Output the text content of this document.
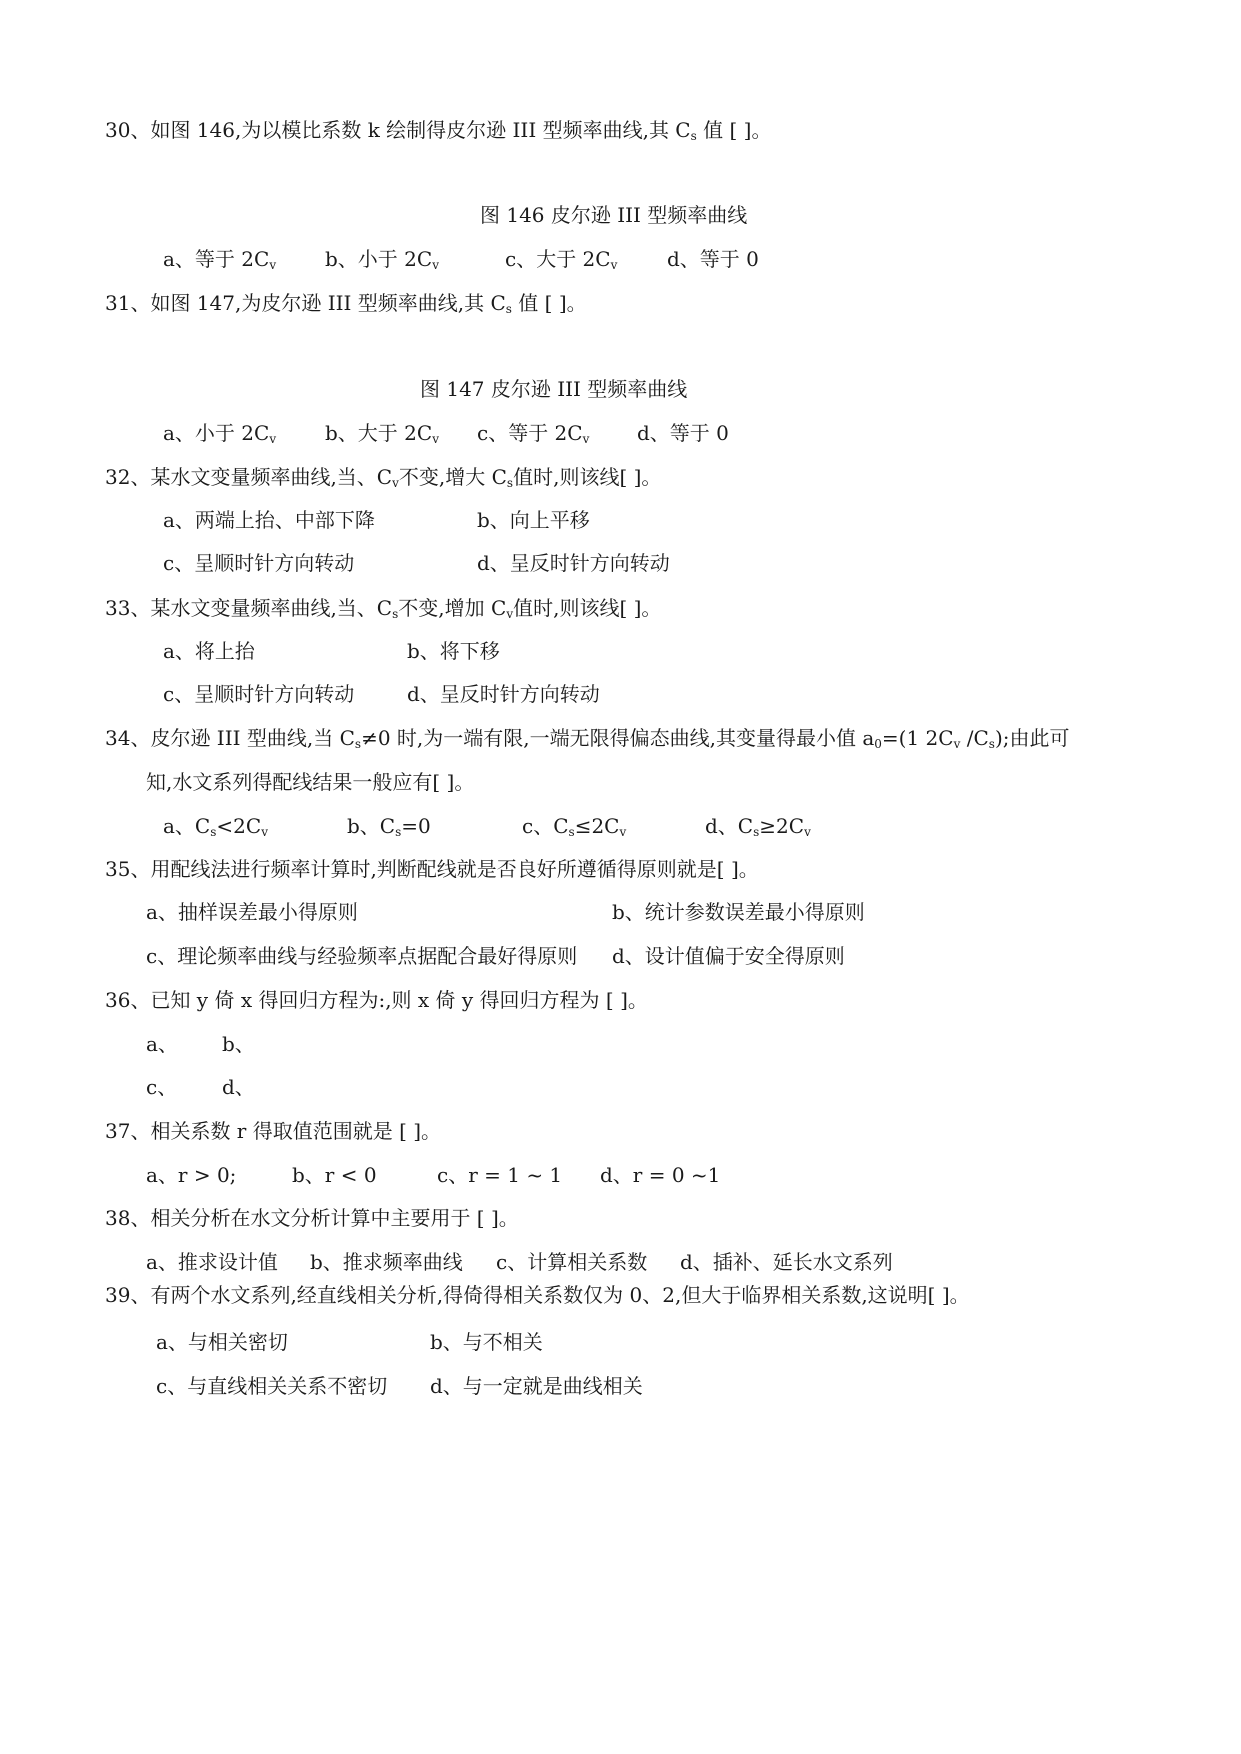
30、如图 146,为以模比系数 k 绘制得皮尔逊 III 型频率曲线,其 $C_s$ 值 [ ]。
图 146 皮尔逊 III 型频率曲线
a、等于 $2C_v$ b、小于 $2C_v$	c、大于 $2C_v$ d、等于 0
31、如图 147,为皮尔逊 III 型频率曲线,其 $C_s$ 值 [ ]。
图 147 皮尔逊 III 型频率曲线
a、小于 $2C_v$ b、大于 $2C_v$ c、等于 $2C_v$ d、等于 0
32、某水文变量频率曲线,当、$C_v$不变,增大 $C_s$值时,则该线[ ]。
a、两端上抬、中部下降	b、向上平移
c、呈顺时针方向转动	d、呈反时针方向转动
33、某水文变量频率曲线,当、$C_s$不变,增加 $C_v$值时,则该线[ ]。
a、将上抬	b、将下移
c、呈顺时针方向转动	d、呈反时针方向转动
34、皮尔逊 III 型曲线,当 $C_s\ne 0$ 时,为一端有限,一端无限得偏态曲线,其变量得最小值 $a_0=(1$ $2C_v$ $/C_s$);由此可
知,水文系列得配线结果一般应有[ ]。
a、$C_s<2C_v$	b、$C_s=0$	c、$C_s\le 2C_v$	d、$C_s\ge 2C_v$
35、用配线法进行频率计算时,判断配线就是否良好所遵循得原则就是[ ]。
a、抽样误差最小得原则	b、统计参数误差最小得原则
c、理论频率曲线与经验频率点据配合最好得原则 d、设计值偏于安全得原则
36、已知 y 倚 x 得回归方程为:,则 x 倚 y 得回归方程为 [ ]。
a、 b、
c、 d、
37、相关系数 r 得取值范围就是 [ ]。
a、r > 0;	b、r < 0	c、r = 1 ~ 1 d、r = 0 ~1
38、相关分析在水文分析计算中主要用于 [ ]。
a、推求设计值 b、推求频率曲线 c、计算相关系数 d、插补、延长水文系列
39、有两个水文系列,经直线相关分析,得倚得相关系数仅为 0、2,但大于临界相关系数,这说明[ ]。
a、与相关密切	b、与不相关
c、与直线相关关系不密切 d、与一定就是曲线相关
